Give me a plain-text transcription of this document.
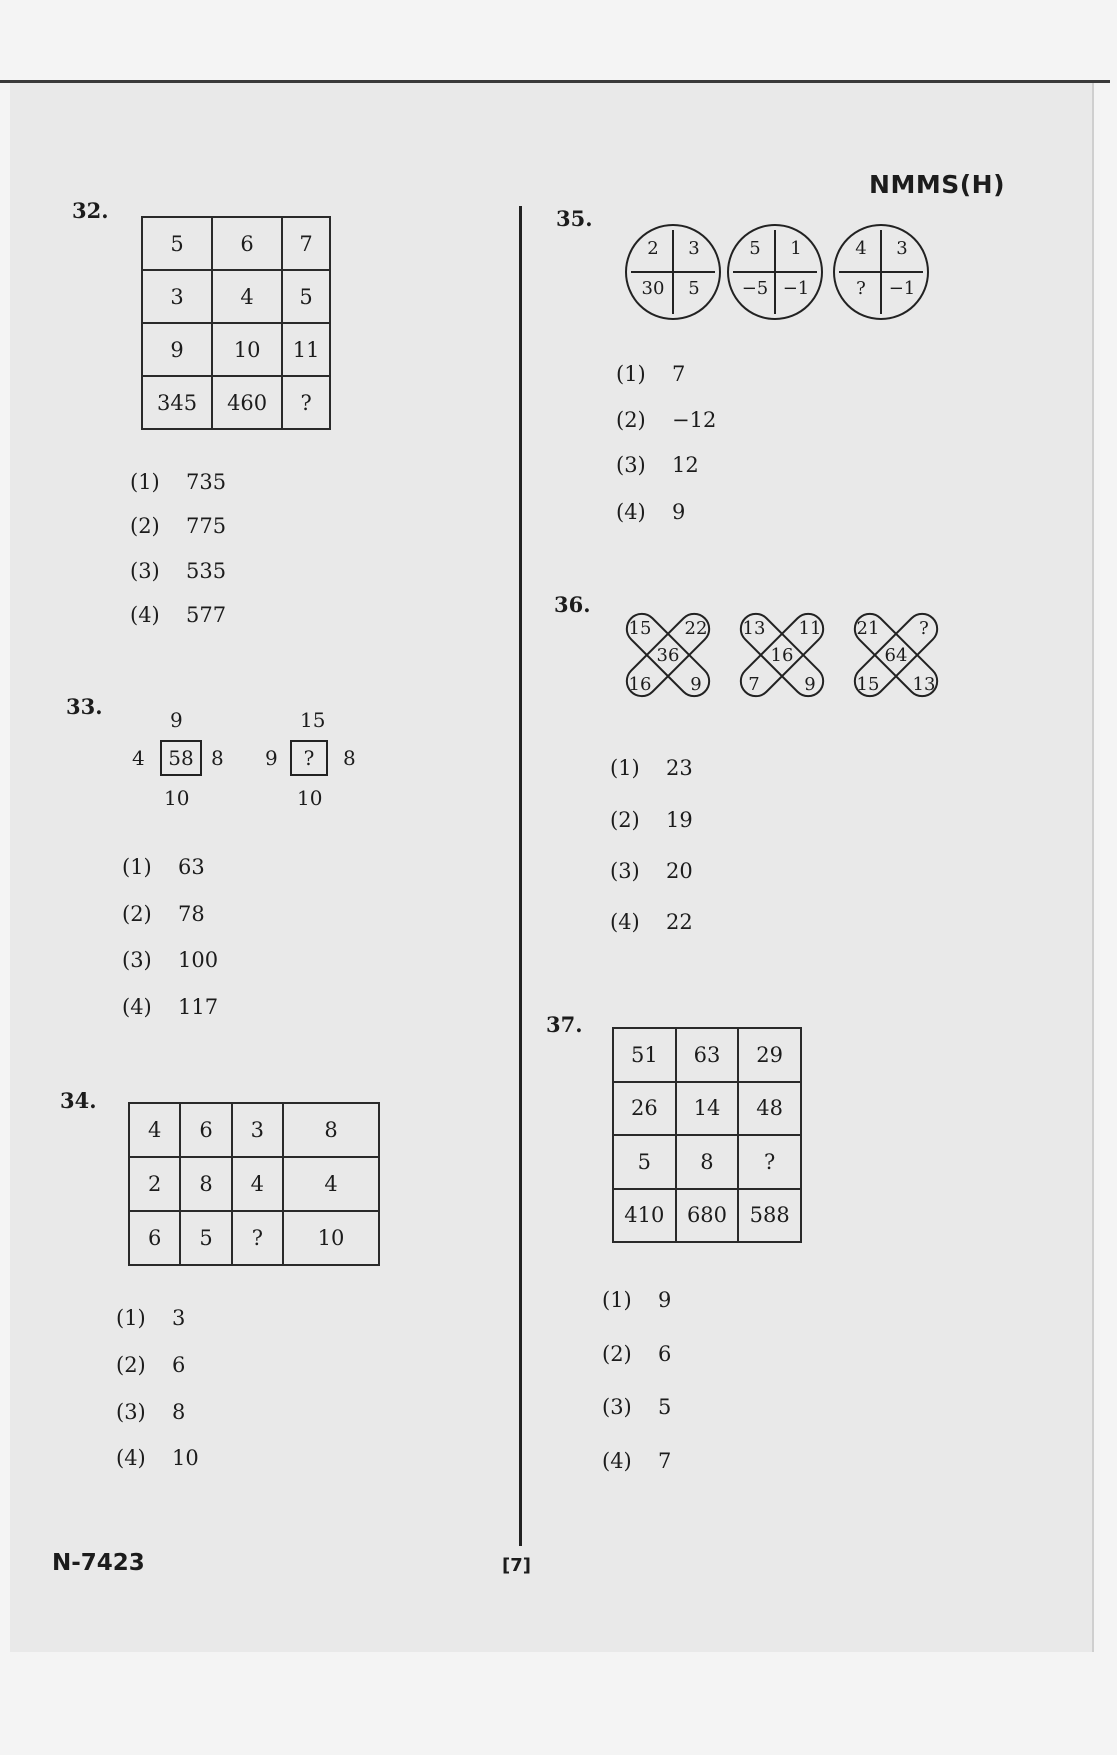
NMMS(H)
32.
5	6	7
3	4	5
9	10	11
345	460	?
(1) 735
(2) 775
(3) 535
(4) 577
33.
9
4	58 8
10
15
9	?	8
10
(1) 63
(2) 78
(3) 100
(4) 117
34.
4	6	3	8
2	8	4	4
6	5	?	10
(1) 3
(2) 6
(3) 8
(4) 10
35.
2	3
30	5
5	1
−5 −1
4	3
?	−1
(1) 7
(2) −12
(3) 12
(4) 9
36.
15 22
36
16 9
13 11
16
7 9
21 ?
64
15 13
(1) 23
(2) 19
(3) 20
(4) 22
37.
51	63	29
26	14	48
5	8	?
410	680	588
(1) 9
(2) 6
(3) 5
(4) 7
N-7423	[7]
